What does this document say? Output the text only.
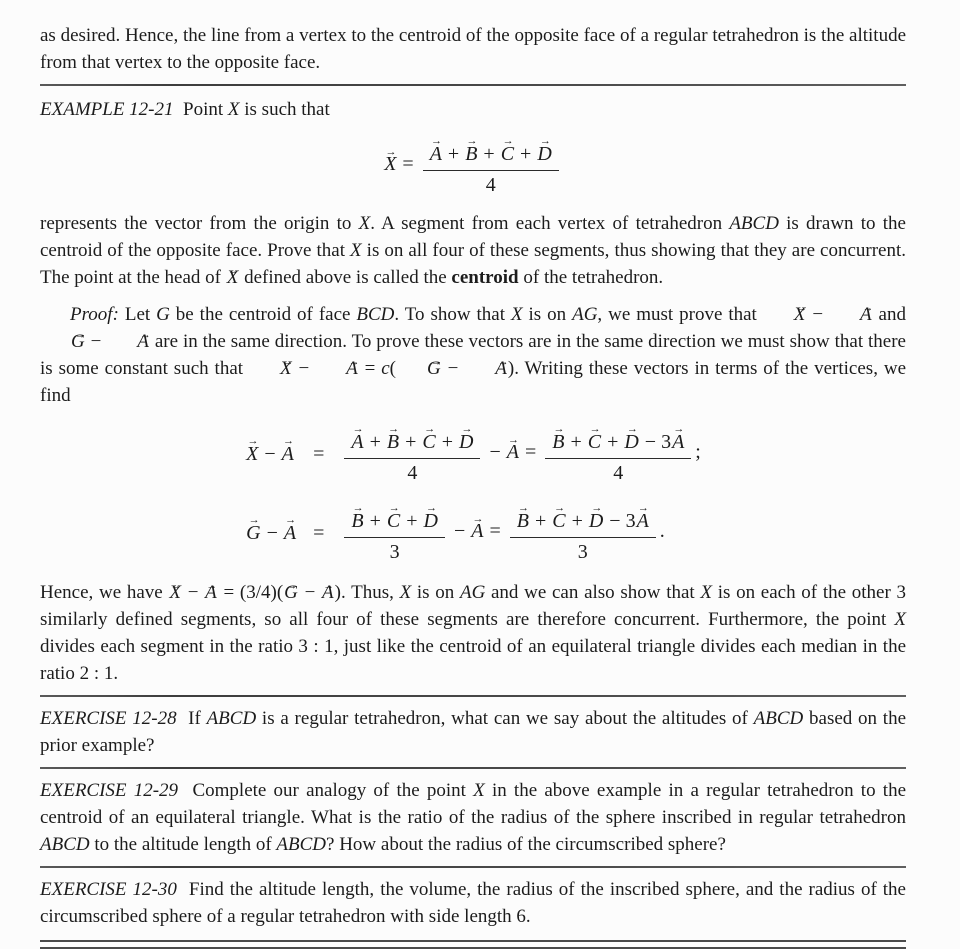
as desired. Hence, the line from a vertex to the centroid of the opposite face of a regular tetrahedron is the altitude from that vertex to the opposite face.

EXAMPLE 12-21  Point X is such that

X → = $\frac{A \to + B \to + C \to + D \to}{4}$

represents the vector from the origin to X. A segment from each vertex of tetrahedron ABCD is drawn to the centroid of the opposite face. Prove that X is on all four of these segments, thus showing that they are concurrent. The point at the head of X → defined above is called the centroid of the tetrahedron.

Proof: Let G be the centroid of face BCD. To show that X is on AG, we must prove that X → − A → and G → − A → are in the same direction. To prove these vectors are in the same direction we must show that there is some constant such that X → − A → = c( G → − A →). Writing these vectors in terms of the vertices, we find

X → − A → = $\frac{A \to + B \to + C \to + D \to}{4} - A$ → = $\frac{B \to + C \to + D \to - 3A \to}{4}$ ;
G → − A → = $\frac{B \to + C \to + D \to}{3} - A$ → = $\frac{B \to + C \to + D \to - 3A \to}{3}$ .

Hence, we have X → − A → = (3/4)(G → − A →). Thus, X is on AG and we can also show that X is on each of the other 3 similarly defined segments, so all four of these segments are therefore concurrent. Furthermore, the point X divides each segment in the ratio 3 : 1, just like the centroid of an equilateral triangle divides each median in the ratio 2 : 1.

EXERCISE 12-28  If ABCD is a regular tetrahedron, what can we say about the altitudes of ABCD based on the prior example?

EXERCISE 12-29  Complete our analogy of the point X in the above example in a regular tetrahedron to the centroid of an equilateral triangle. What is the ratio of the radius of the sphere inscribed in regular tetrahedron ABCD to the altitude length of ABCD? How about the radius of the circumscribed sphere?

EXERCISE 12-30  Find the altitude length, the volume, the radius of the inscribed sphere, and the radius of the circumscribed sphere of a regular tetrahedron with side length 6.
